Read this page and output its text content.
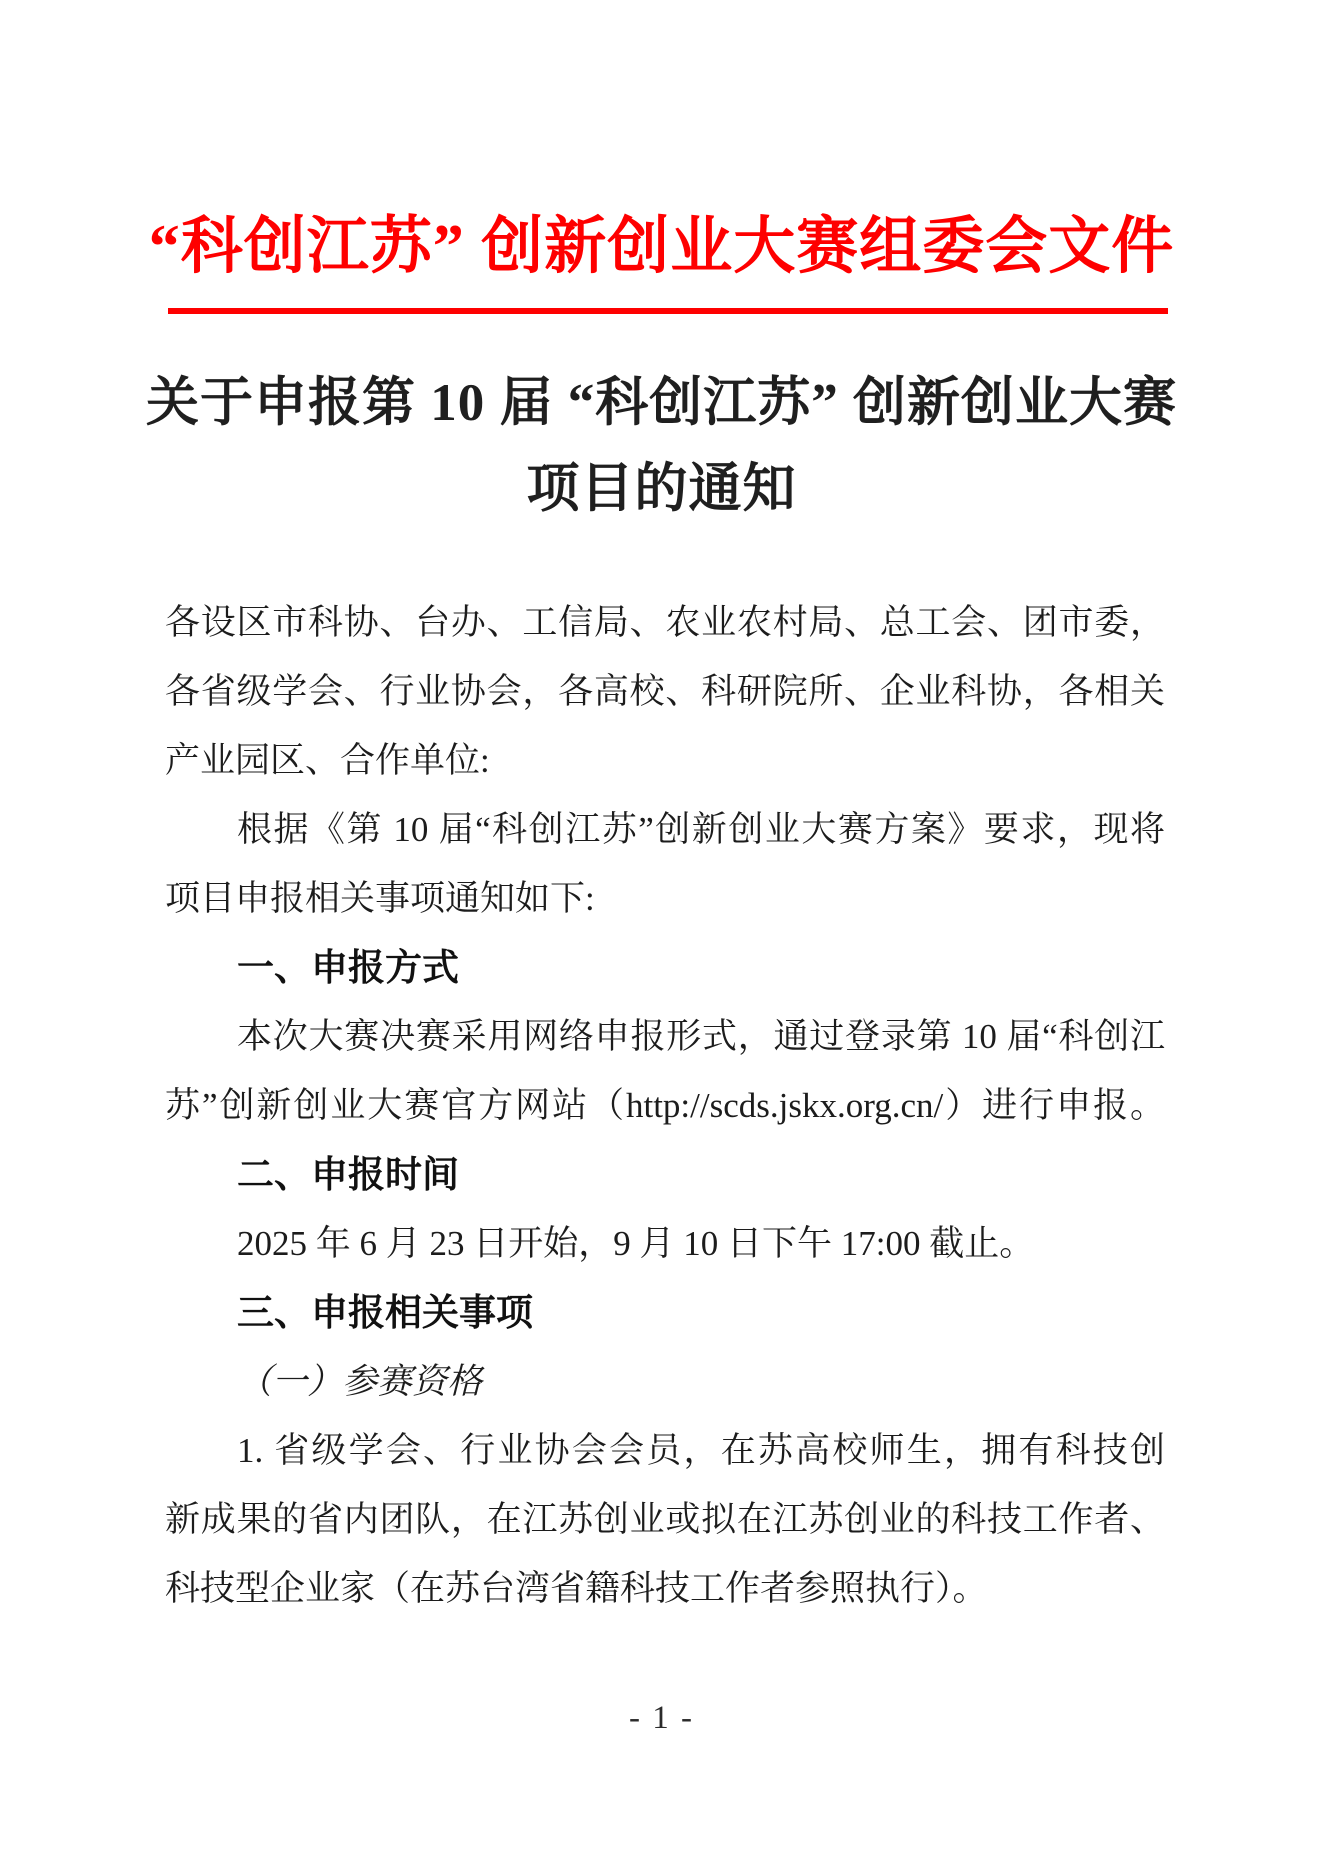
“科创江苏” 创新创业大赛组委会文件
关于申报第 10 届 “科创江苏” 创新创业大赛
项目的通知
各设区市科协、台办、工信局、农业农村局、总工会、团市委，
各省级学会、行业协会，各高校、科研院所、企业科协，各相关
产业园区、合作单位:
根据《第 10 届“科创江苏”创新创业大赛方案》要求，现将
项目申报相关事项通知如下:
一、申报方式
本次大赛决赛采用网络申报形式，通过登录第 10 届“科创江
苏”创新创业大赛官方网站（http://scds.jskx.org.cn/）进行申报。
二、申报时间
2025 年 6 月 23 日开始，9 月 10 日下午 17:00 截止。
三、申报相关事项
（一）参赛资格
1. 省级学会、行业协会会员，在苏高校师生，拥有科技创
新成果的省内团队，在江苏创业或拟在江苏创业的科技工作者、
科技型企业家（在苏台湾省籍科技工作者参照执行）。
- 1 -
